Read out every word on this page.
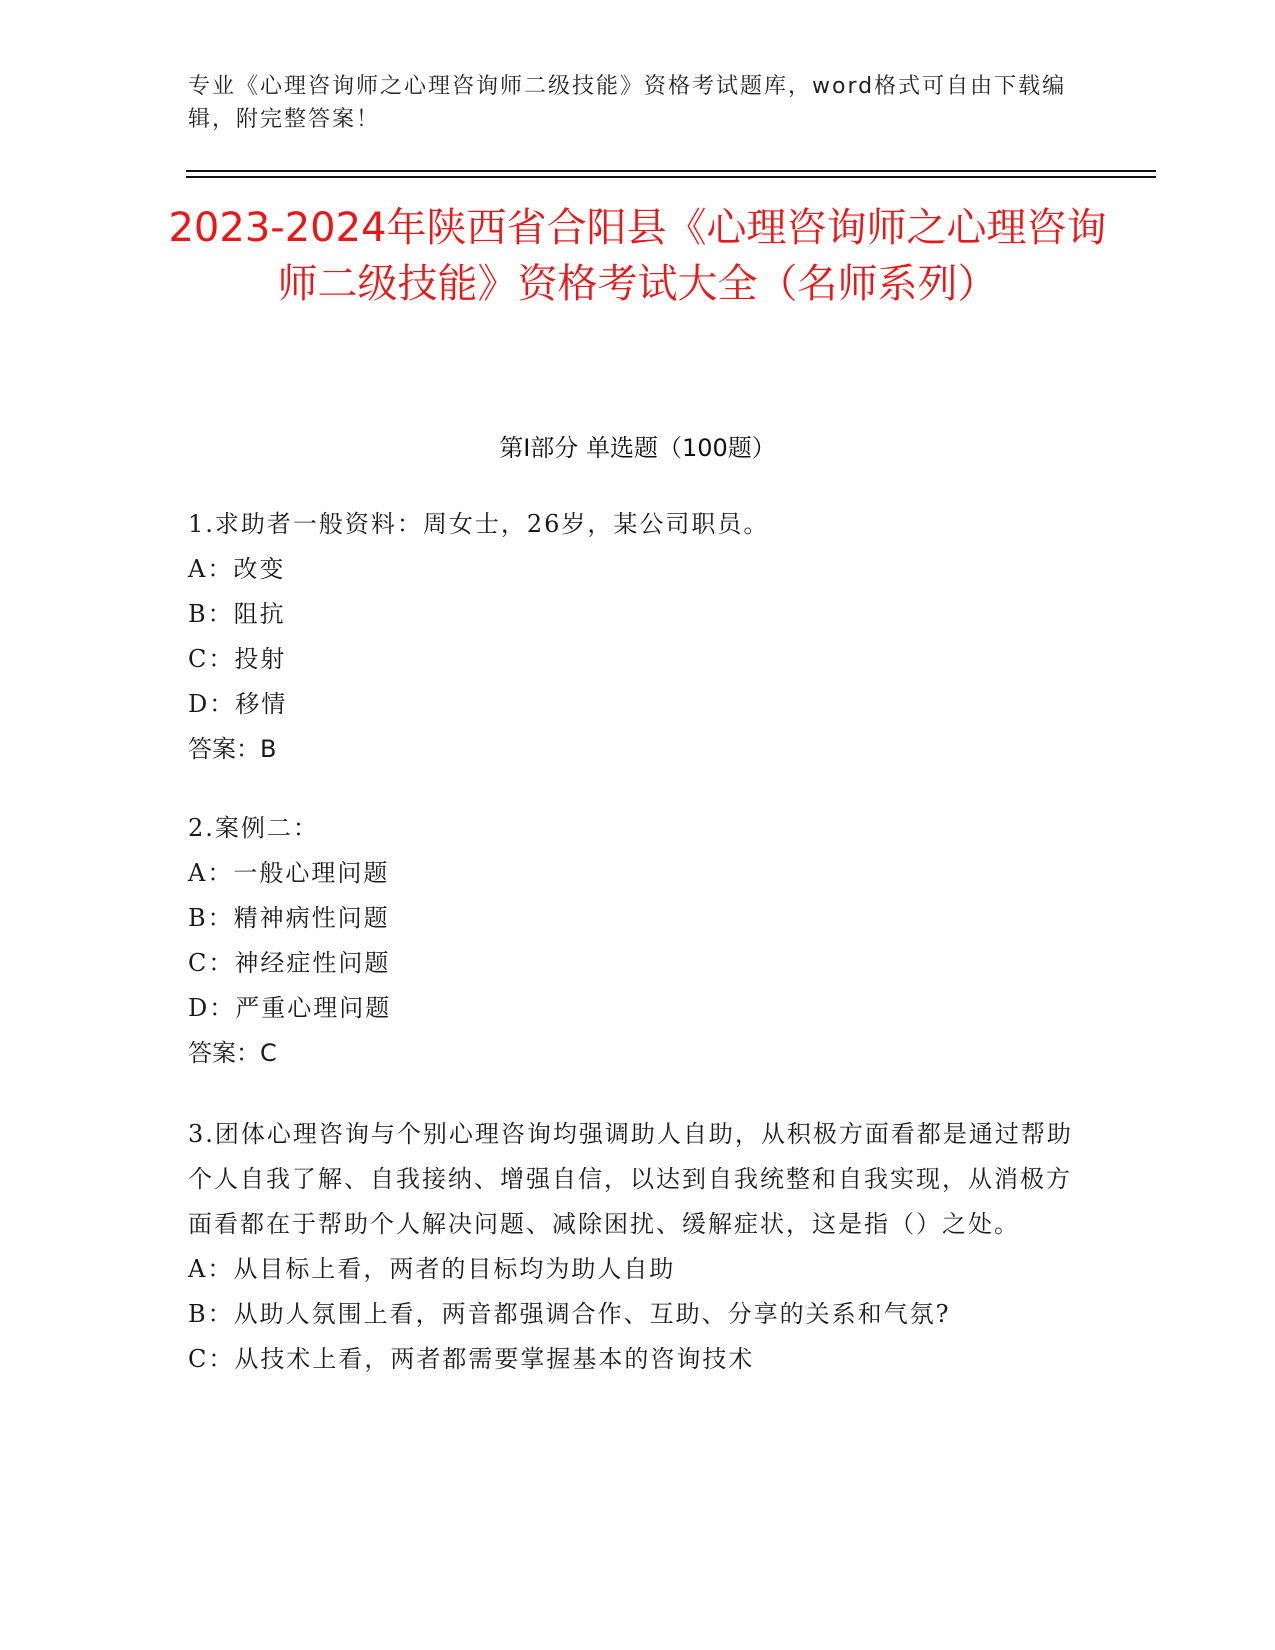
专业《心理咨询师之心理咨询师二级技能》资格考试题库，word格式可自由下载编辑，附完整答案！
2023-2024年陕西省合阳县《心理咨询师之心理咨询师二级技能》资格考试大全（名师系列）
第I部分 单选题（100题）
1.求助者一般资料：周女士，26岁，某公司职员。
A：改变
B：阻抗
C：投射
D：移情
答案：B
2.案例二：
A：一般心理问题
B：精神病性问题
C：神经症性问题
D：严重心理问题
答案：C
3.团体心理咨询与个别心理咨询均强调助人自助，从积极方面看都是通过帮助个人自我了解、自我接纳、增强自信，以达到自我统整和自我实现，从消极方面看都在于帮助个人解决问题、减除困扰、缓解症状，这是指（）之处。
A：从目标上看，两者的目标均为助人自助
B：从助人氛围上看，两音都强调合作、互助、分享的关系和气氛?
C：从技术上看，两者都需要掌握基本的咨询技术
